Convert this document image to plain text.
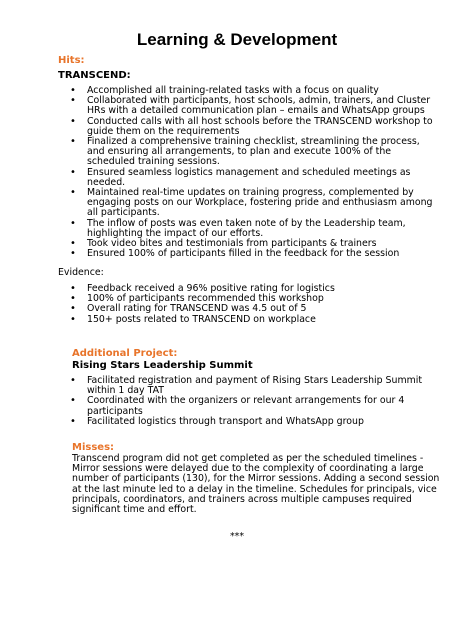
Learning & Development
Hits:
TRANSCEND:
• Accomplished all training-related tasks with a focus on quality
• Collaborated with participants, host schools, admin, trainers, and Cluster
HRs with a detailed communication plan – emails and WhatsApp groups
• Conducted calls with all host schools before the TRANSCEND workshop to
guide them on the requirements
• Finalized a comprehensive training checklist, streamlining the process,
and ensuring all arrangements, to plan and execute 100% of the
scheduled training sessions.
• Ensured seamless logistics management and scheduled meetings as
needed.
• Maintained real-time updates on training progress, complemented by
engaging posts on our Workplace, fostering pride and enthusiasm among
all participants.
• The inflow of posts was even taken note of by the Leadership team,
highlighting the impact of our efforts.
• Took video bites and testimonials from participants & trainers
• Ensured 100% of participants filled in the feedback for the session
Evidence:
• Feedback received a 96% positive rating for logistics
• 100% of participants recommended this workshop
• Overall rating for TRANSCEND was 4.5 out of 5
• 150+ posts related to TRANSCEND on workplace
Additional Project:
Rising Stars Leadership Summit
• Facilitated registration and payment of Rising Stars Leadership Summit
within 1 day TAT
• Coordinated with the organizers or relevant arrangements for our 4
participants
• Facilitated logistics through transport and WhatsApp group
Misses:
Transcend program did not get completed as per the scheduled timelines -
Mirror sessions were delayed due to the complexity of coordinating a large
number of participants (130), for the Mirror sessions. Adding a second session
at the last minute led to a delay in the timeline. Schedules for principals, vice
principals, coordinators, and trainers across multiple campuses required
significant time and effort.
***
